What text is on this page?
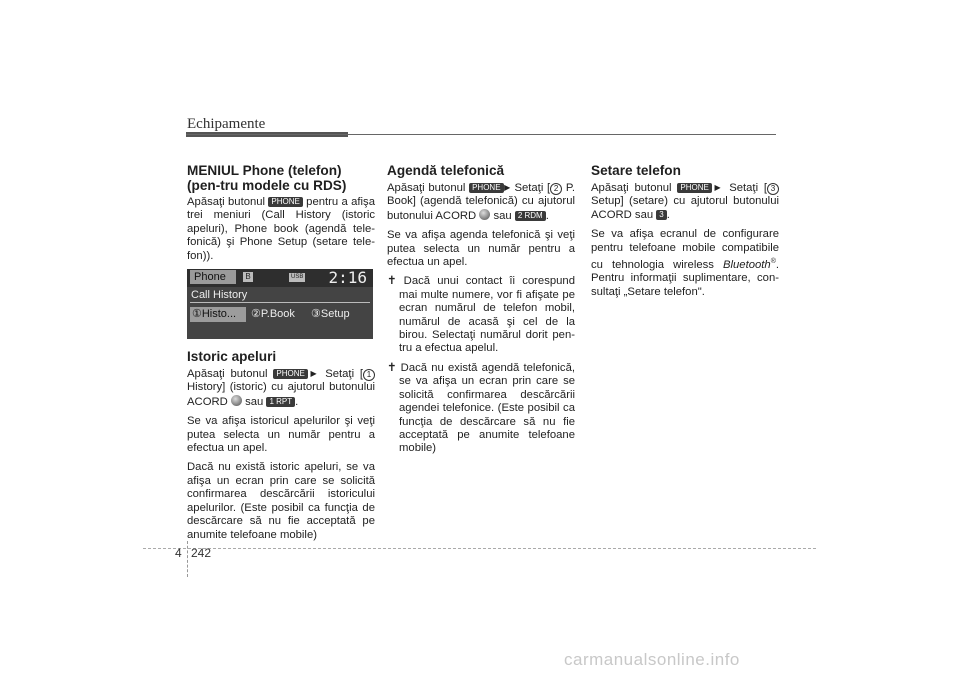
Echipamente
MENIUL Phone (telefon) (pen-tru modele cu RDS)

Apăsaţi butonul PHONE pentru a afişa trei meniuri (Call History (istoric apeluri), Phone book (agendă tele-fonică) şi Phone Setup (setare tele-fon)).

Phone	B	USB 2:16
Call History
①Histo...	②P.Book ③Setup
Istoric apeluri

Apăsaţi butonul PHONE ▶ Setaţi [ 1 History] (istoric) cu ajutorul butonului ACORD sau 1 RPT .

Se va afişa istoricul apelurilor şi veţi putea selecta un număr pentru a efectua un apel.

Dacă nu există istoric apeluri, se va afişa un ecran prin care se solicită confirmarea descărcării istoricului apelurilor. (Este posibil ca funcţia de descărcare să nu fie acceptată pe anumite telefoane mobile)

Agendă telefonică

Apăsaţi butonul PHONE ▶ Setaţi [ 2 P. Book] (agendă telefonică) cu ajutorul butonului ACORD sau 2 RDM .

Se va afişa agenda telefonică şi veţi putea selecta un număr pentru a efectua un apel.

✝ Dacă unui contact îi corespund mai multe numere, vor fi afişate pe ecran numărul de telefon mobil, numărul de acasă şi cel de la birou. Selectaţi numărul dorit pen-tru a efectua apelul.

✝ Dacă nu există agendă telefonică, se va afişa un ecran prin care se solicită confirmarea descărcării agendei telefonice. (Este posibil ca funcţia de descărcare să nu fie acceptată pe anumite telefoane mobile)

Setare telefon

Apăsaţi butonul PHONE ▶ Setaţi [ 3 Setup] (setare) cu ajutorul butonului ACORD sau 3 .

Se va afişa ecranul de configurare pentru telefoane mobile compatibile cu tehnologia wireless Bluetooth®. Pentru informaţii suplimentare, con-sultaţi „Setare telefon".

4 242
carmanualsonline.info
